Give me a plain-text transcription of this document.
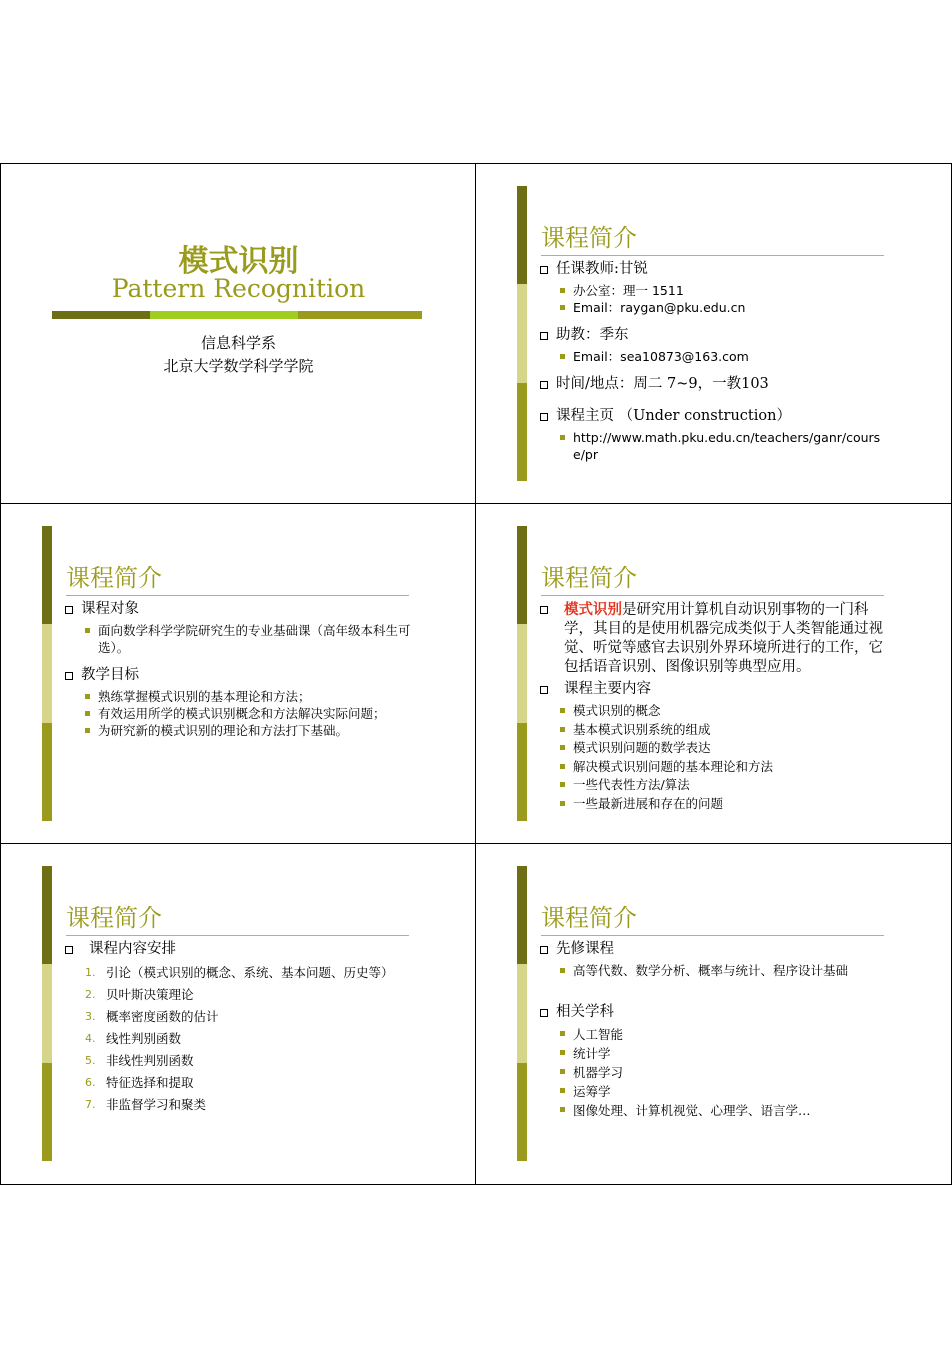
模式识别
Pattern Recognition
信息科学系
北京大学数学科学学院
课程简介
任课教师:甘锐
办公室：理一 1511
Email：raygan@pku.edu.cn
助教：季东
Email：sea10873@163.com
时间/地点：周二 7~9，一教103
课程主页 （Under construction）
http://www.math.pku.edu.cn/teachers/ganr/course/pr
课程简介
课程对象
面向数学科学学院研究生的专业基础课（高年级本科生可选）。
教学目标
熟练掌握模式识别的基本理论和方法；
有效运用所学的模式识别概念和方法解决实际问题；
为研究新的模式识别的理论和方法打下基础。
课程简介
模式识别是研究用计算机自动识别事物的一门科学，其目的是使用机器完成类似于人类智能通过视觉、听觉等感官去识别外界环境所进行的工作，它包括语音识别、图像识别等典型应用。
课程主要内容
模式识别的概念
基本模式识别系统的组成
模式识别问题的数学表达
解决模式识别问题的基本理论和方法
一些代表性方法/算法
一些最新进展和存在的问题
课程简介
课程内容安排
1. 引论（模式识别的概念、系统、基本问题、历史等）
2. 贝叶斯决策理论
3. 概率密度函数的估计
4. 线性判别函数
5. 非线性判别函数
6. 特征选择和提取
7. 非监督学习和聚类
课程简介
先修课程
高等代数、数学分析、概率与统计、程序设计基础
相关学科
人工智能
统计学
机器学习
运筹学
图像处理、计算机视觉、心理学、语言学…
